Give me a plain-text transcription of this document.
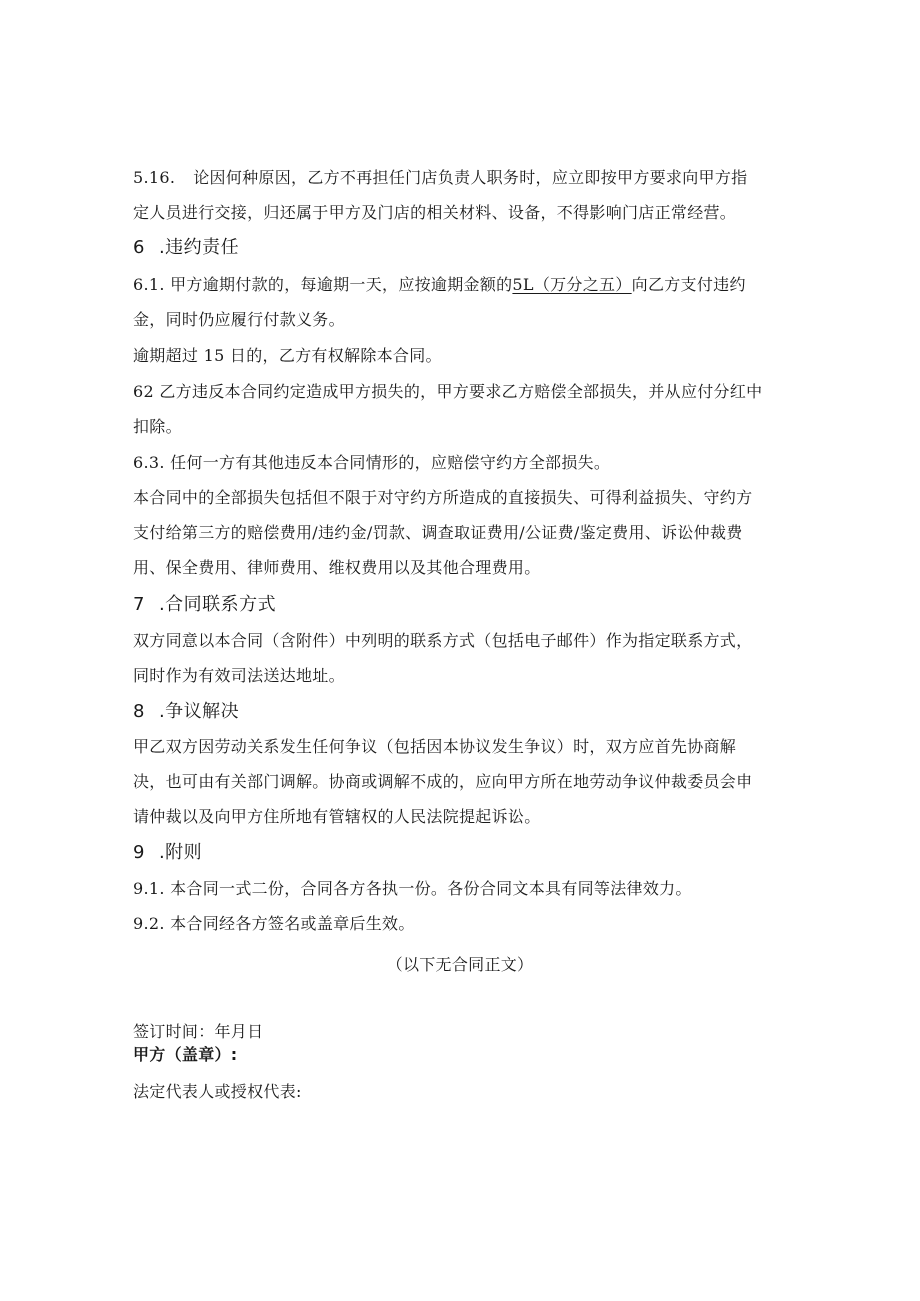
5.16. 论因何种原因，乙方不再担任门店负责人职务时，应立即按甲方要求向甲方指
定人员进行交接，归还属于甲方及门店的相关材料、设备，不得影响门店正常经营。
6 .违约责任
6.1. 甲方逾期付款的，每逾期一天，应按逾期金额的5L（万分之五）向乙方支付违约
金，同时仍应履行付款义务。
逾期超过 15 日的，乙方有权解除本合同。
62 乙方违反本合同约定造成甲方损失的，甲方要求乙方赔偿全部损失，并从应付分红中
扣除。
6.3. 任何一方有其他违反本合同情形的，应赔偿守约方全部损失。
本合同中的全部损失包括但不限于对守约方所造成的直接损失、可得利益损失、守约方
支付给第三方的赔偿费用/违约金/罚款、调查取证费用/公证费/鉴定费用、诉讼仲裁费
用、保全费用、律师费用、维权费用以及其他合理费用。
7 .合同联系方式
双方同意以本合同（含附件）中列明的联系方式（包括电子邮件）作为指定联系方式，
同时作为有效司法送达地址。
8 .争议解决
甲乙双方因劳动关系发生任何争议（包括因本协议发生争议）时，双方应首先协商解
决，也可由有关部门调解。协商或调解不成的，应向甲方所在地劳动争议仲裁委员会申
请仲裁以及向甲方住所地有管辖权的人民法院提起诉讼。
9 .附则
9.1. 本合同一式二份，合同各方各执一份。各份合同文本具有同等法律效力。
9.2. 本合同经各方签名或盖章后生效。
（以下无合同正文）
签订时间：年月日
甲方（盖章）:
法定代表人或授权代表:
